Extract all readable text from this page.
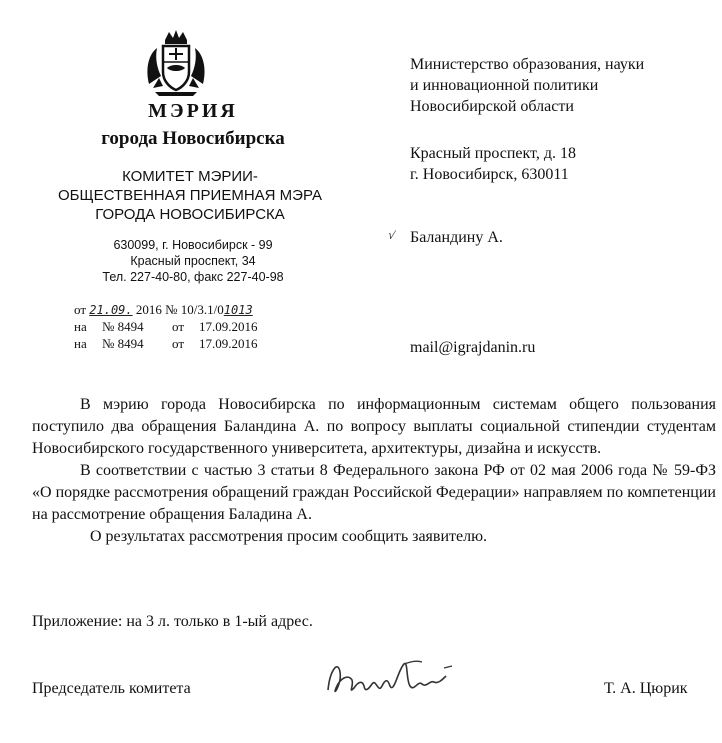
МЭРИЯ
города Новосибирска
КОМИТЕТ МЭРИИ-
ОБЩЕСТВЕННАЯ ПРИЕМНАЯ МЭРА
ГОРОДА НОВОСИБИРСКА
630099, г. Новосибирск - 99
Красный проспект, 34
Тел. 227-40-80, факс 227-40-98
от 21.09. 2016 № 10/3.1/01013
на № 8494 от 17.09.2016
на № 8494 от 17.09.2016
Министерство образования, науки
и инновационной политики
Новосибирской области
Красный проспект, д. 18
г. Новосибирск, 630011
√ Баландину А.
mail@igrajdanin.ru

В мэрию города Новосибирска по информационным системам общего пользования поступило два обращения Баландина А. по вопросу выплаты социальной стипендии студентам Новосибирского государственного университета, архитектуры, дизайна и искусств.

В соответствии с частью 3 статьи 8 Федерального закона РФ от 02 мая 2006 года № 59-ФЗ «О порядке рассмотрения обращений граждан Российской Федерации» направляем по компетенции на рассмотрение обращения Баладина А.

О результатах рассмотрения просим сообщить заявителю.

Приложение: на 3 л. только в 1-ый адрес.
Председатель комитета	Т. А. Цюрик
